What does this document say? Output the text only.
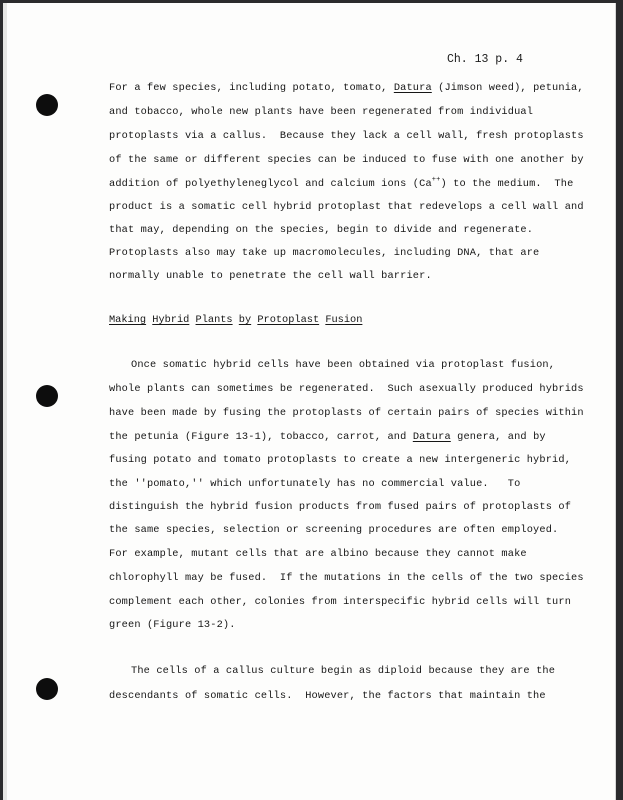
Ch. 13 p. 4
For a few species, including potato, tomato, Datura (Jimson weed), petunia,
and tobacco, whole new plants have been regenerated from individual
protoplasts via a callus.  Because they lack a cell wall, fresh protoplasts
of the same or different species can be induced to fuse with one another by
addition of polyethyleneglycol and calcium ions (Ca++) to the medium.  The
product is a somatic cell hybrid protoplast that redevelops a cell wall and
that may, depending on the species, begin to divide and regenerate.
Protoplasts also may take up macromolecules, including DNA, that are
normally unable to penetrate the cell wall barrier.
Making Hybrid Plants by Protoplast Fusion
Once somatic hybrid cells have been obtained via protoplast fusion,
whole plants can sometimes be regenerated.  Such asexually produced hybrids
have been made by fusing the protoplasts of certain pairs of species within
the petunia (Figure 13-1), tobacco, carrot, and Datura genera, and by
fusing potato and tomato protoplasts to create a new intergeneric hybrid,
the ''pomato,'' which unfortunately has no commercial value.   To
distinguish the hybrid fusion products from fused pairs of protoplasts of
the same species, selection or screening procedures are often employed.
For example, mutant cells that are albino because they cannot make
chlorophyll may be fused.  If the mutations in the cells of the two species
complement each other, colonies from interspecific hybrid cells will turn
green (Figure 13-2).
The cells of a callus culture begin as diploid because they are the
descendants of somatic cells.  However, the factors that maintain the
